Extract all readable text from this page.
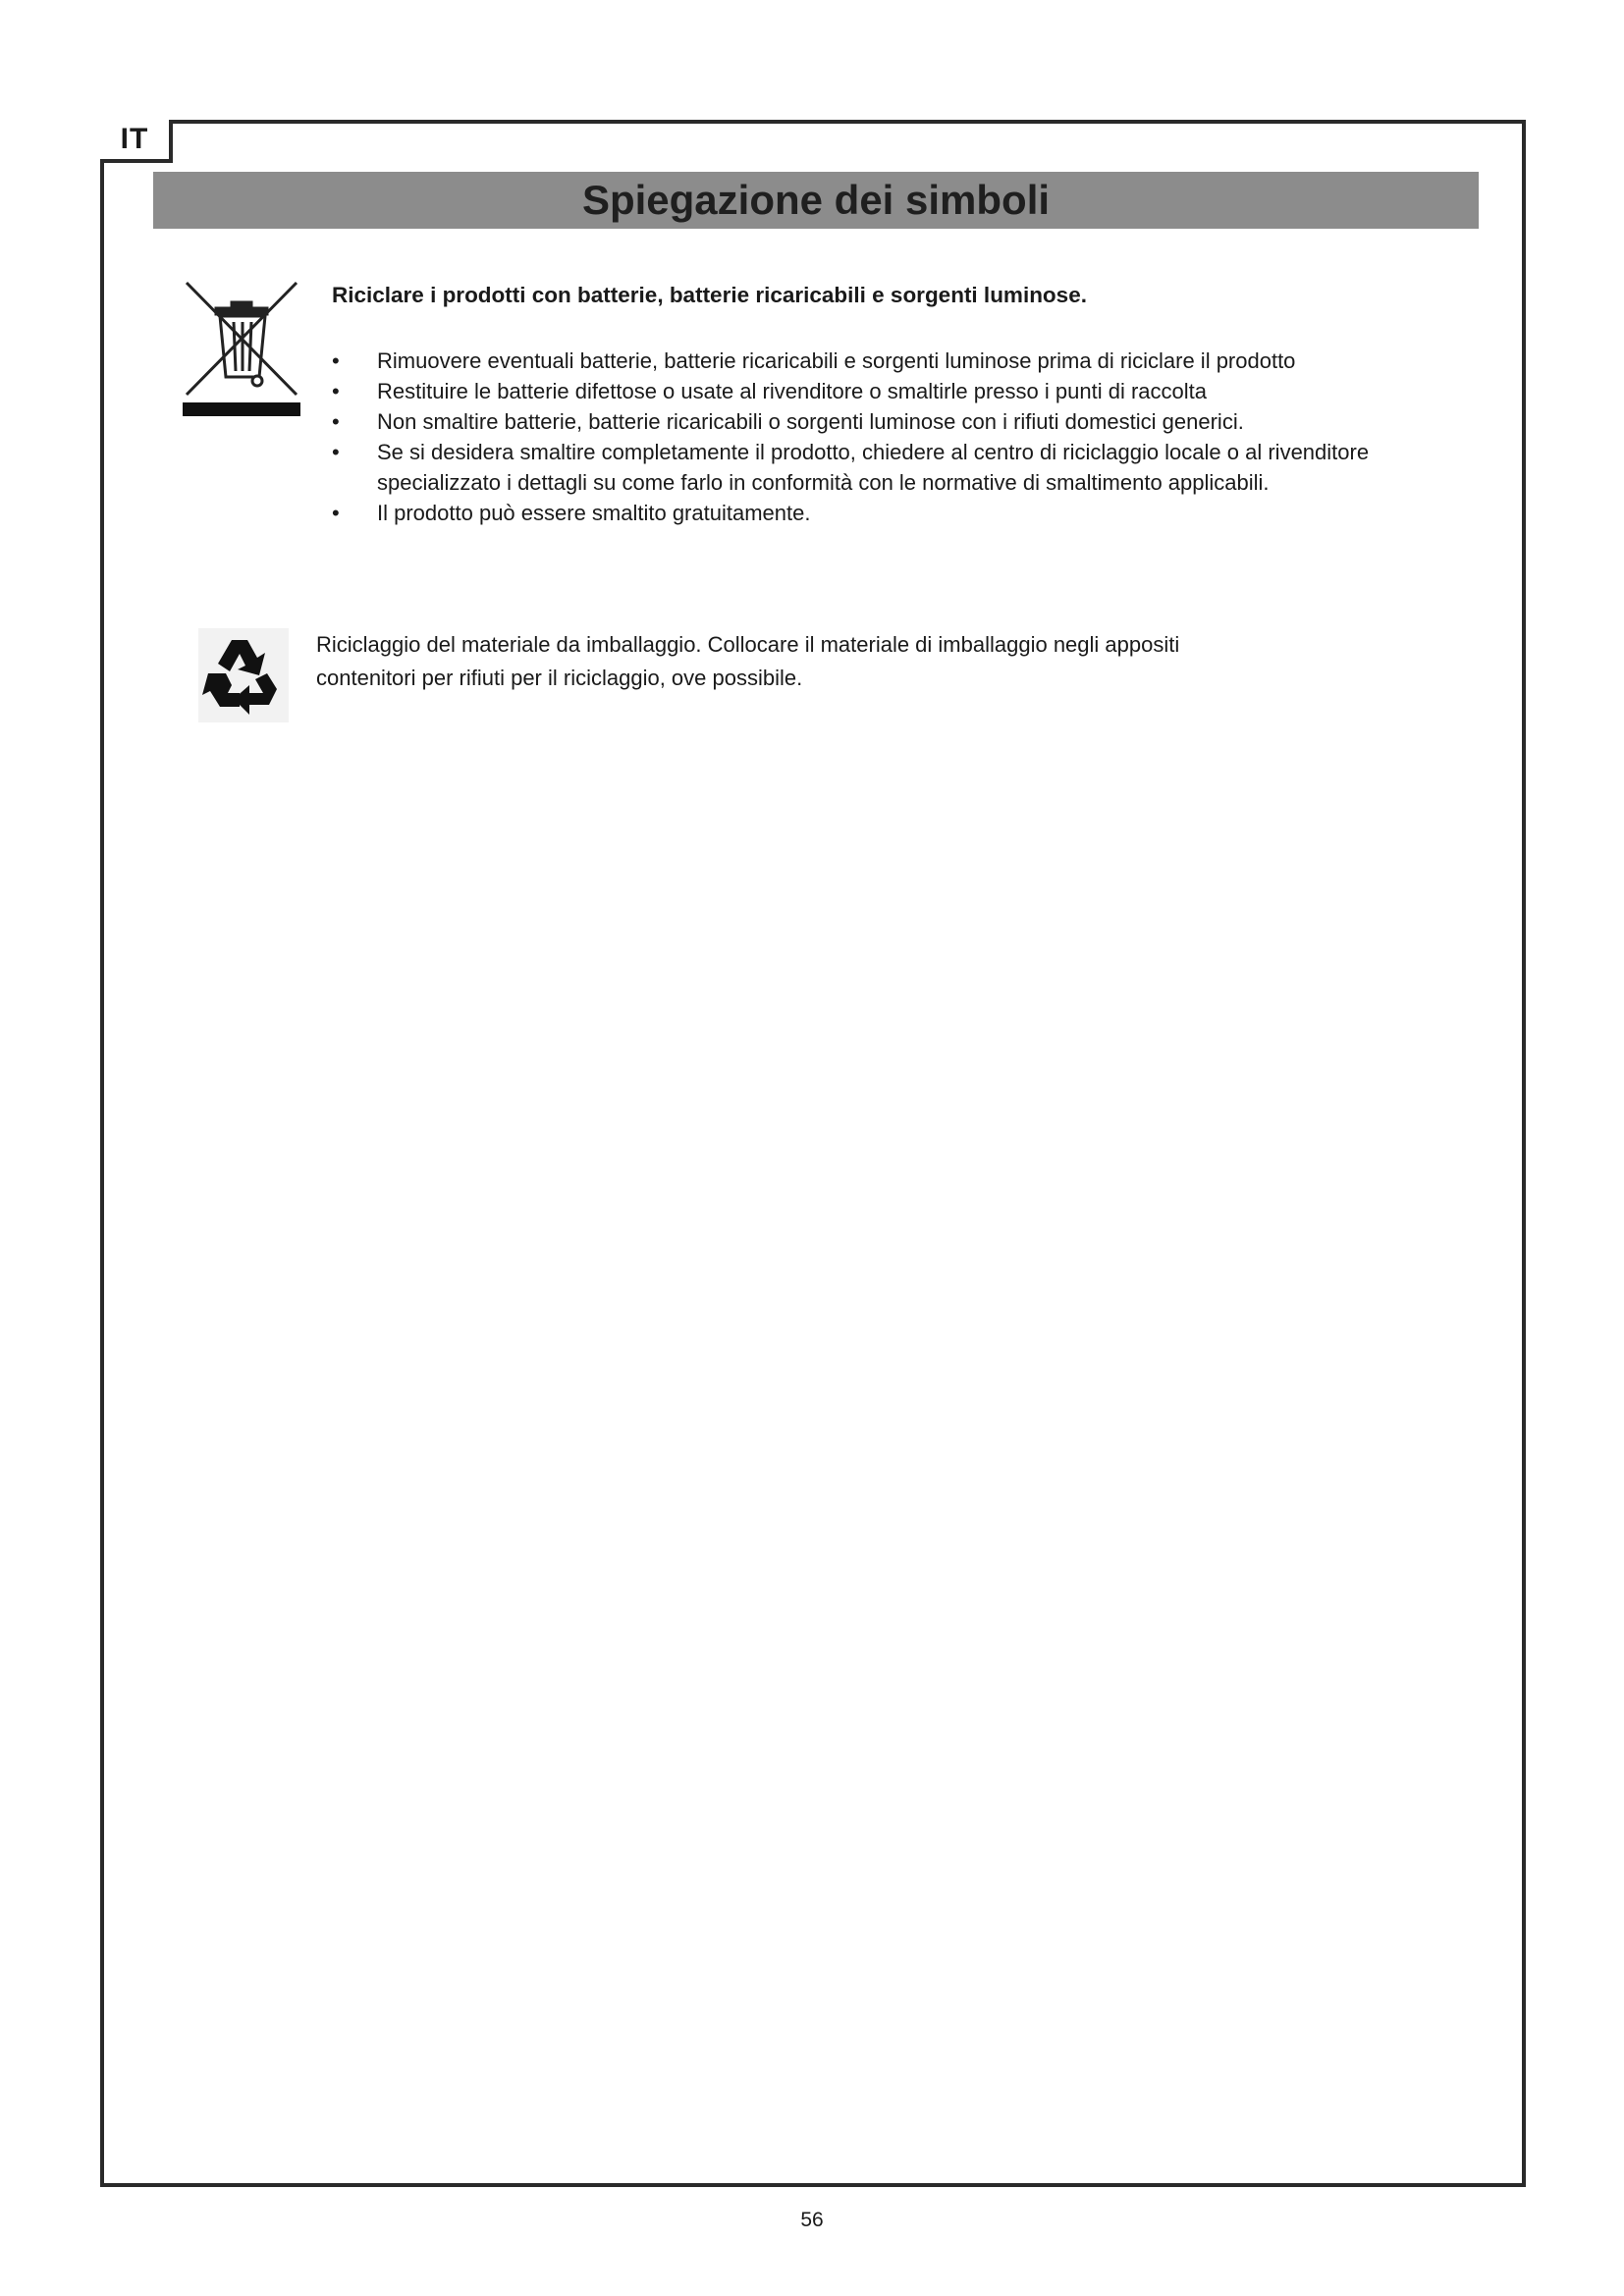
IT
Spiegazione dei simboli

Riciclare i prodotti con batterie, batterie ricaricabili e sorgenti luminose.

• Rimuovere eventuali batterie, batterie ricaricabili e sorgenti luminose prima di riciclare il prodotto
• Restituire le batterie difettose o usate al rivenditore o smaltirle presso i punti di raccolta
• Non smaltire batterie, batterie ricaricabili o sorgenti luminose con i rifiuti domestici generici.
• Se si desidera smaltire completamente il prodotto, chiedere al centro di riciclaggio locale o al rivenditore specializzato i dettagli su come farlo in conformità con le normative di smaltimento applicabili.
• Il prodotto può essere smaltito gratuitamente.

Riciclaggio del materiale da imballaggio. Collocare il materiale di imballaggio negli appositi contenitori per rifiuti per il riciclaggio, ove possibile.

56
